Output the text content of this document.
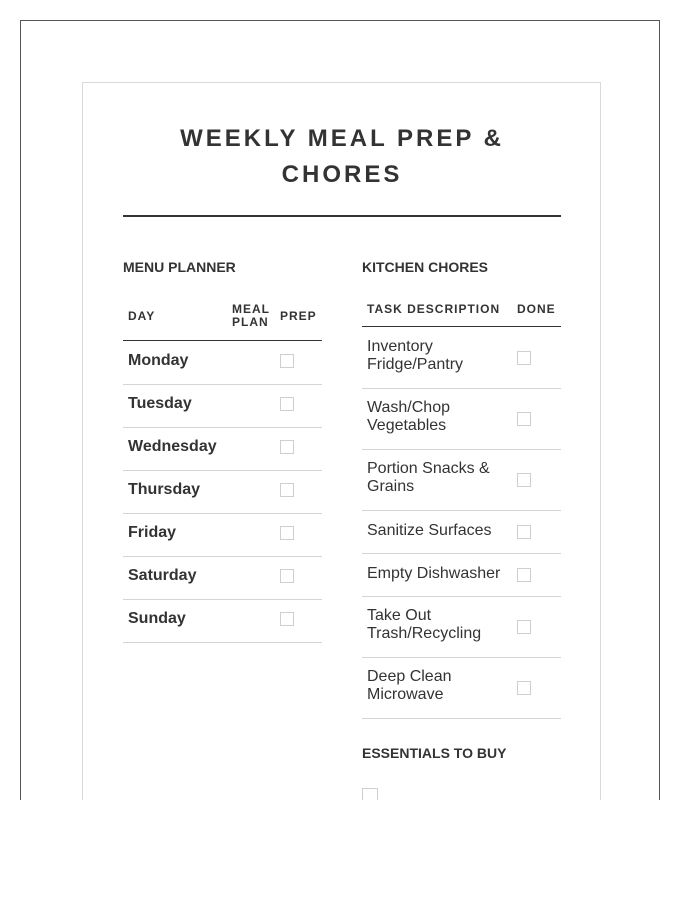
WEEKLY MEAL PREP & CHORES
MENU PLANNER
DAY	MEAL PLAN PREP
Monday
Tuesday
Wednesday
Thursday
Friday
Saturday
Sunday
KITCHEN CHORES
TASK DESCRIPTION DONE
Inventory Fridge/Pantry
Wash/Chop Vegetables
Portion Snacks & Grains
Sanitize Surfaces
Empty Dishwasher
Take Out Trash/Recycling
Deep Clean Microwave
ESSENTIALS TO BUY
